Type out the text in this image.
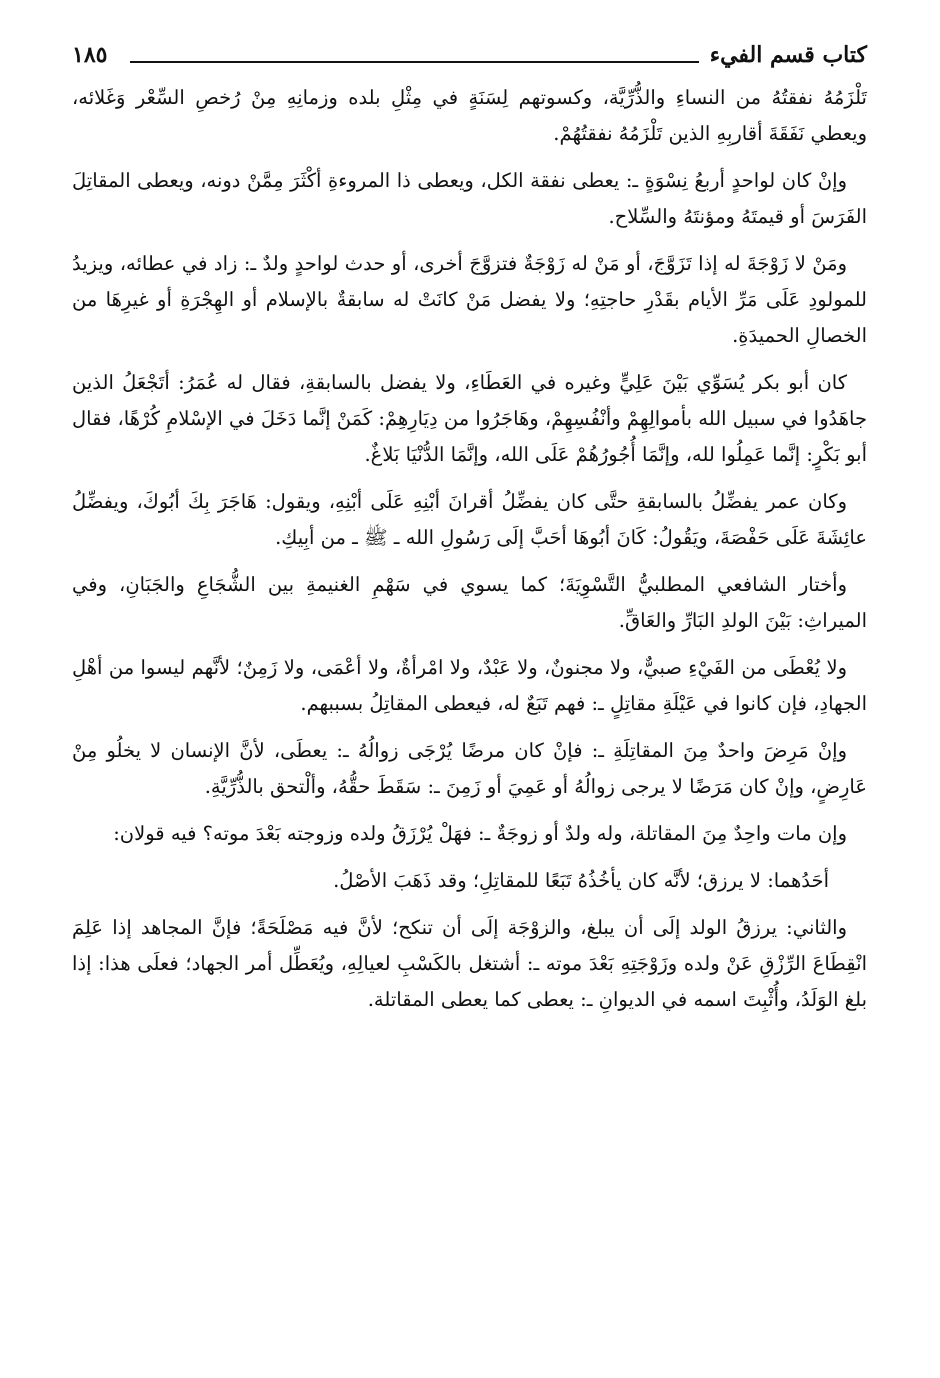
كتاب قسم الفيء
١٨٥

تَلْزَمُهُ نفقتُهُ من النساءِ والذُّرِّيَّة، وكسوتهم لِسَنَةٍ في مِثْلِ بلده وزمانِهِ مِنْ رُخصِ السِّعْر وَغَلائه، ويعطي نَفَقَةَ أقاربِهِ الذين تَلْزَمُهُ نفقتُهُمْ.

وإنْ كان لواحدٍ أربعُ نِسْوَةٍ ـ: يعطى نفقة الكل، ويعطى ذا المروءةِ أكْثَرَ مِمَّنْ دونه، ويعطى المقاتِلَ الفَرَسَ أو قيمتَهُ ومؤنتَهُ والسِّلاح.

ومَنْ لا زَوْجَةَ له إذا تَزَوَّجَ، أو مَنْ له زَوْجَةٌ فتزوَّجَ أخرى، أو حدث لواحدٍ ولدٌ ـ: زاد في عطائه، ويزيدُ للمولودِ عَلَى مَرِّ الأيام بقَدْرِ حاجتِهِ؛ ولا يفضل مَنْ كانَتْ له سابقةٌ بالإسلام أو الهِجْرَةِ أو غيرِهَا من الخصالِ الحميدَةِ.

كان أبو بكر يُسَوِّي بَيْنَ عَلِيٍّ وغيره في العَطَاءِ، ولا يفضل بالسابقةِ، فقال له عُمَرُ: أتَجْعَلُ الذين جاهَدُوا في سبيل الله بأموالِهِمْ وأنْفُسِهِمْ، وهَاجَرُوا من دِيَارِهِمْ: كَمَنْ إنَّما دَخَلَ في الإسْلامِ كُرْهًا، فقال أبو بَكْرٍ: إنَّما عَمِلُوا لله، وإنَّمَا أُجُورُهُمْ عَلَى الله، وإنَّمَا الدُّنْيَا بَلاغٌ.

وكان عمر يفضِّلُ بالسابقةِ حتَّى كان يفضِّلُ أقرانَ أبْنِهِ عَلَى أبْنِهِ، ويقول: هَاجَرَ بِكَ أبُوكَ، ويفضِّلُ عائِشَةَ عَلَى حَفْصَةَ، ويَقُولُ: كَانَ أبُوهَا أحَبَّ إلَى رَسُولِ الله ـ ﷺ ـ من أبِيكِ.

وأختار الشافعي المطلبيُّ التَّسْوِيَةَ؛ كما يسوي في سَهْمِ الغنيمةِ بين الشُّجَاعِ والجَبَانِ، وفي الميراثِ: بَيْنَ الولدِ البَارِّ والعَاقِّ.

ولا يُعْطَى من الفَيْءِ صبيٌّ، ولا مجنونٌ، ولا عَبْدٌ، ولا امْرأةٌ، ولا أعْمَى، ولا زَمِنٌ؛ لأنَّهم ليسوا من أهْلِ الجهادِ، فإن كانوا في عَيْلَةِ مقاتِلٍ ـ: فهم تَبَعٌ له، فيعطى المقاتِلُ بسببهم.

وإنْ مَرِضَ واحدٌ مِنَ المقاتِلَةِ ـ: فإنْ كان مرضًا يُرْجَى زوالُهُ ـ: يعطَى، لأنَّ الإنسان لا يخلُو مِنْ عَارِضٍ، وإنْ كان مَرَضًا لا يرجى زوالُهُ أو عَمِيَ أو زَمِنَ ـ: سَقَطَ حقُّهُ، وألْتحق بالذُّرِّيَّةِ.

وإن مات واحِدٌ مِنَ المقاتلة، وله ولدٌ أو زوجَةٌ ـ: فهَلْ يُرْزَقُ ولده وزوجته بَعْدَ موته؟ فيه قولان:

أحَدُهما: لا يرزق؛ لأنَّه كان يأخُذُهُ تَبَعًا للمقاتِلِ؛ وقد ذَهَبَ الأصْلُ.

والثاني: يرزقُ الولد إلَى أن يبلغ، والزوْجَة إلَى أن تنكح؛ لأنَّ فيه مَصْلَحَةً؛ فإنَّ المجاهد إذا عَلِمَ انْقِطَاعَ الرِّزْقِ عَنْ ولده وزَوْجَتِهِ بَعْدَ موته ـ: أشتغل بالكَسْبِ لعيالِهِ، ويُعَطِّل أمر الجهاد؛ فعلَى هذا: إذا بلغ الوَلَدُ، وأُثْبِتَ اسمه في الديوانِ ـ: يعطى كما يعطى المقاتلة.
